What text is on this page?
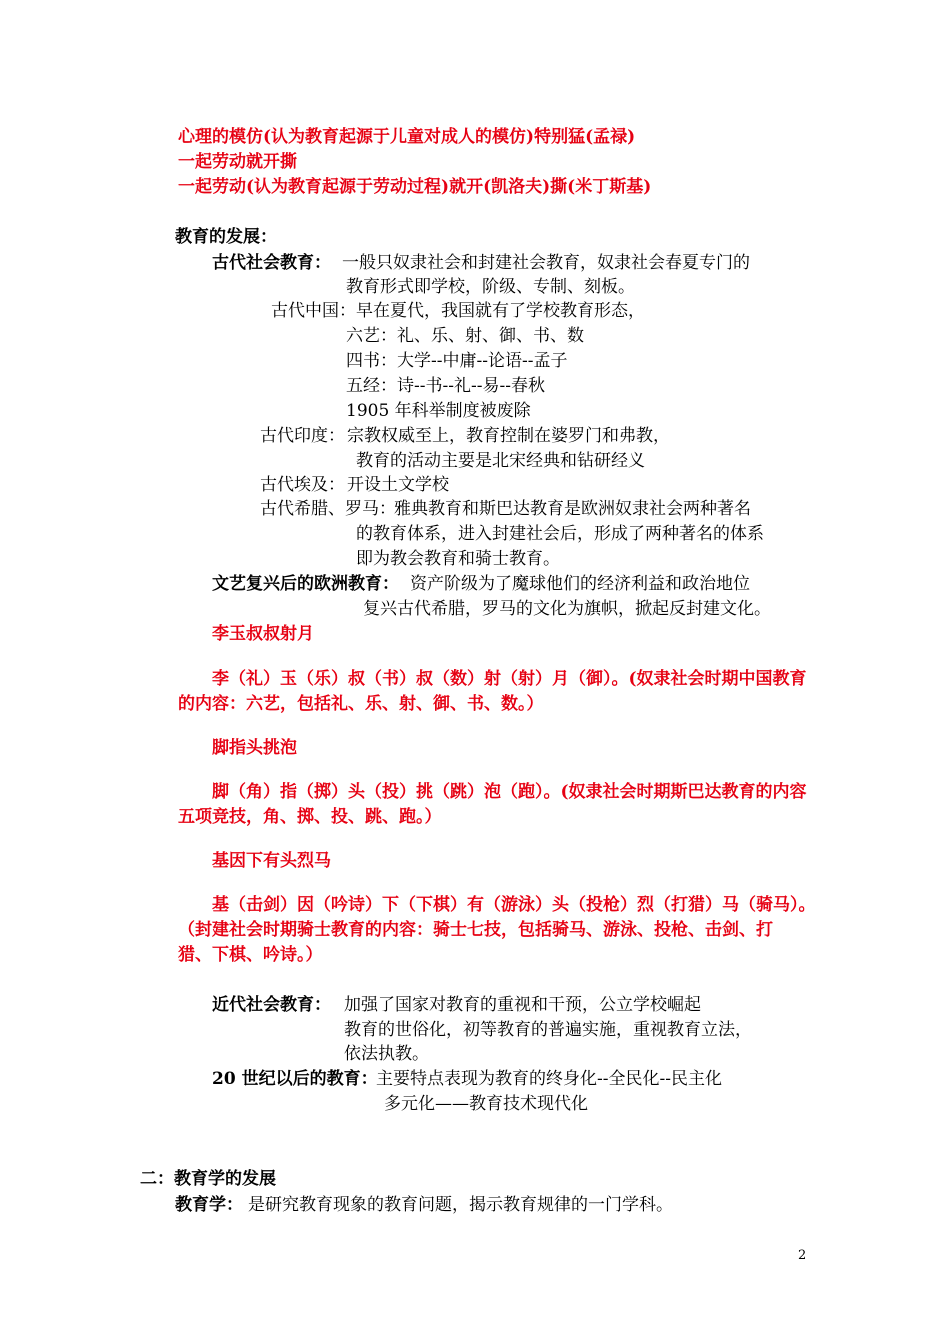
心理的模仿(认为教育起源于儿童对成人的模仿)特别猛(孟禄)
一起劳动就开撕
一起劳动(认为教育起源于劳动过程)就开(凯洛夫)撕(米丁斯基)
教育的发展：
古代社会教育： 一般只奴隶社会和封建社会教育，奴隶社会春夏专门的
教育形式即学校，阶级、专制、刻板。
古代中国： 早在夏代，我国就有了学校教育形态，
六艺：礼、乐、射、御、书、数
四书：大学--中庸--论语--孟子
五经：诗--书--礼--易--春秋
1905 年科举制度被废除
古代印度： 宗教权威至上，教育控制在婆罗门和弗教，
教育的活动主要是北宋经典和钻研经义
古代埃及： 开设土文学校
古代希腊、罗马：
雅典教育和斯巴达教育是欧洲奴隶社会两种著名
的教育体系，进入封建社会后，形成了两种著名的体系
即为教会教育和骑士教育。
文艺复兴后的欧洲教育： 资产阶级为了魔球他们的经济利益和政治地位
复兴古代希腊，罗马的文化为旗帜，掀起反封建文化。
李玉叔叔射月
李（礼）玉（乐）叔（书）叔（数）射（射）月（御）。(奴隶社会时期中国教育
的内容：六艺，包括礼、乐、射、御、书、数。）
脚指头挑泡
脚（角）指（掷）头（投）挑（跳）泡（跑）。(奴隶社会时期斯巴达教育的内容
五项竞技，角、掷、投、跳、跑。）
基因下有头烈马
基（击剑）因（吟诗）下（下棋）有（游泳）头（投枪）烈（打猎）马（骑马）。
（封建社会时期骑士教育的内容：骑士七技，包括骑马、游泳、投枪、击剑、打
猎、下棋、吟诗。）
近代社会教育： 加强了国家对教育的重视和干预，公立学校崛起
教育的世俗化，初等教育的普遍实施，重视教育立法，
依法执教。
20 世纪以后的教育：
主要特点表现为教育的终身化--全民化--民主化
多元化——教育技术现代化
二：教育学的发展
教育学： 是研究教育现象的教育问题，揭示教育规律的一门学科。
2
